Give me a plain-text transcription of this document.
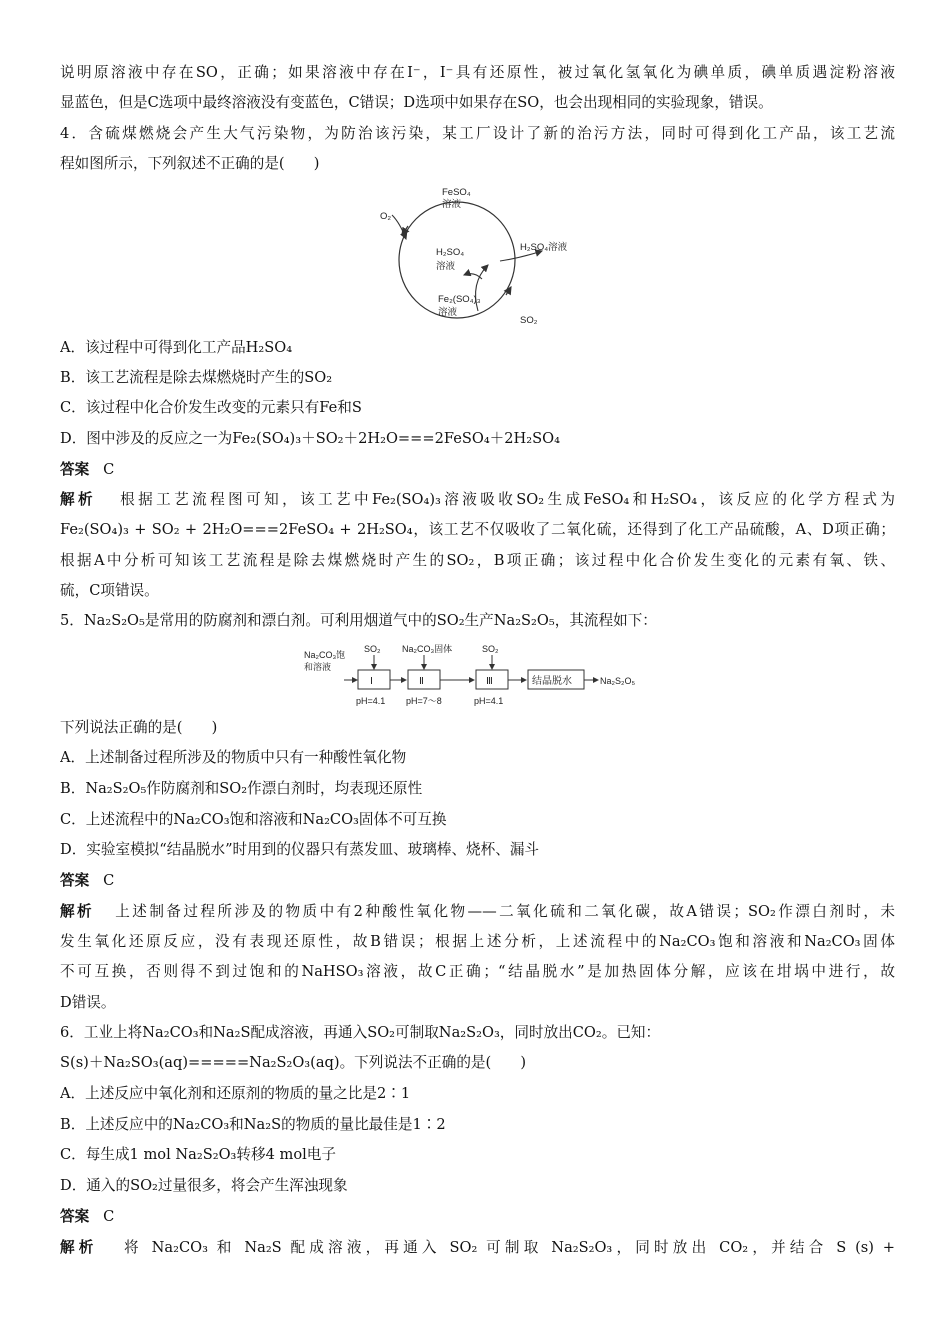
说明原溶液中存在SO，正确；如果溶液中存在I⁻，I⁻具有还原性，被过氧化氢氧化为碘单质，碘单质遇淀粉溶液
显蓝色，但是C选项中最终溶液没有变蓝色，C错误；D选项中如果存在SO，也会出现相同的实验现象，错误。
4．含硫煤燃烧会产生大气污染物，为防治该污染，某工厂设计了新的治污方法，同时可得到化工产品，该工艺流
程如图所示，下列叙述不正确的是(　　)
FeSO₄
溶液
O₂
H₂SO₄
溶液
H₂SO₄溶液
Fe₂(SO₄)₃
溶液
SO₂
A．该过程中可得到化工产品H₂SO₄
B．该工艺流程是除去煤燃烧时产生的SO₂
C．该过程中化合价发生改变的元素只有Fe和S
D．图中涉及的反应之一为Fe₂(SO₄)₃＋SO₂＋2H₂O===2FeSO₄＋2H₂SO₄
答案 C
解析 根据工艺流程图可知，该工艺中Fe₂(SO₄)₃溶液吸收SO₂生成FeSO₄和H₂SO₄，该反应的化学方程式为
Fe₂(SO₄)₃ + SO₂ + 2H₂O===2FeSO₄ + 2H₂SO₄，该工艺不仅吸收了二氧化硫，还得到了化工产品硫酸，A、D项正确；
根据A中分析可知该工艺流程是除去煤燃烧时产生的SO₂，B项正确；该过程中化合价发生变化的元素有氧、铁、
硫，C项错误。
5．Na₂S₂O₅是常用的防腐剂和漂白剂。可利用烟道气中的SO₂生产Na₂S₂O₅，其流程如下：
Na₂CO₃饱
和溶液
Ⅰ
SO₂
Ⅱ
Na₂CO₃固体
Ⅲ
SO₂
结晶脱水	Na₂S₂O₅
pH=4.1 pH=7～8	pH=4.1
下列说法正确的是(　　)
A．上述制备过程所涉及的物质中只有一种酸性氧化物
B．Na₂S₂O₅作防腐剂和SO₂作漂白剂时，均表现还原性
C．上述流程中的Na₂CO₃饱和溶液和Na₂CO₃固体不可互换
D．实验室模拟“结晶脱水”时用到的仪器只有蒸发皿、玻璃棒、烧杯、漏斗
答案 C
解析 上述制备过程所涉及的物质中有2种酸性氧化物——二氧化硫和二氧化碳，故A错误；SO₂作漂白剂时，未
发生氧化还原反应，没有表现还原性，故B错误；根据上述分析，上述流程中的Na₂CO₃饱和溶液和Na₂CO₃固体
不可互换，否则得不到过饱和的NaHSO₃溶液，故C正确；“结晶脱水”是加热固体分解，应该在坩埚中进行，故
D错误。
6．工业上将Na₂CO₃和Na₂S配成溶液，再通入SO₂可制取Na₂S₂O₃，同时放出CO₂。已知：
S(s)＋Na₂SO₃(aq)=====Na₂S₂O₃(aq)。下列说法不正确的是(　　)
A．上述反应中氧化剂和还原剂的物质的量之比是2∶1
B．上述反应中的Na₂CO₃和Na₂S的物质的量比最佳是1∶2
C．每生成1 mol Na₂S₂O₃转移4 mol电子
D．通入的SO₂过量很多，将会产生浑浊现象
答案 C
解析 将 Na₂CO₃ 和 Na₂S 配成溶液，再通入 SO₂ 可制取 Na₂S₂O₃，同时放出 CO₂，并结合 S (s) +
